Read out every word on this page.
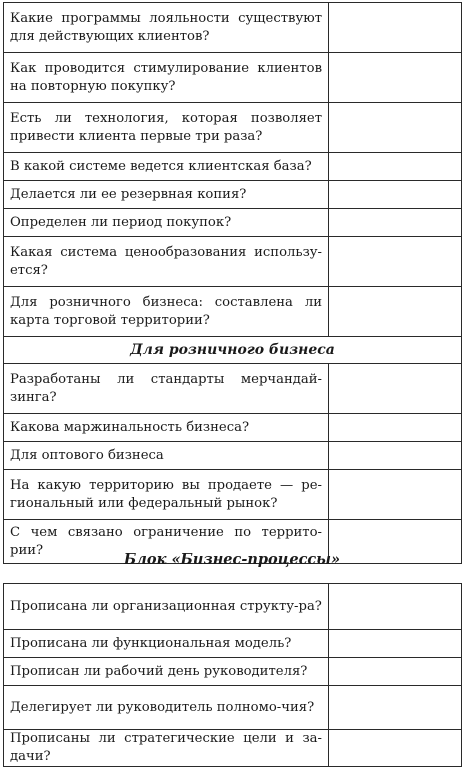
Какие программы лояльности существуют для действующих клиентов?	
Как проводится стимулирование клиентов на повторную покупку?	
Есть ли технология, которая позволяет привести клиента первые три раза?	
В какой системе ведется клиентская база?	
Делается ли ее резервная копия?	
Определен ли период покупок?	
Какая система ценообразования использу-ется?	
Для розничного бизнеса: составлена ли карта торговой территории?	
Для розничного бизнеса	
Разработаны ли стандарты мерчандай-зинга?	
Какова маржинальность бизнеса?	
Для оптового бизнеса	
На какую территорию вы продаете — ре-гиональный или федеральный рынок?	
С чем связано ограничение по террито-рии?	
Блок «Бизнес-процессы»
Прописана ли организационная структу-ра?	
Прописана ли функциональная модель?	
Прописан ли рабочий день руководителя?	
Делегирует ли руководитель полномо-чия?	
Прописаны ли стратегические цели и за-дачи?	
